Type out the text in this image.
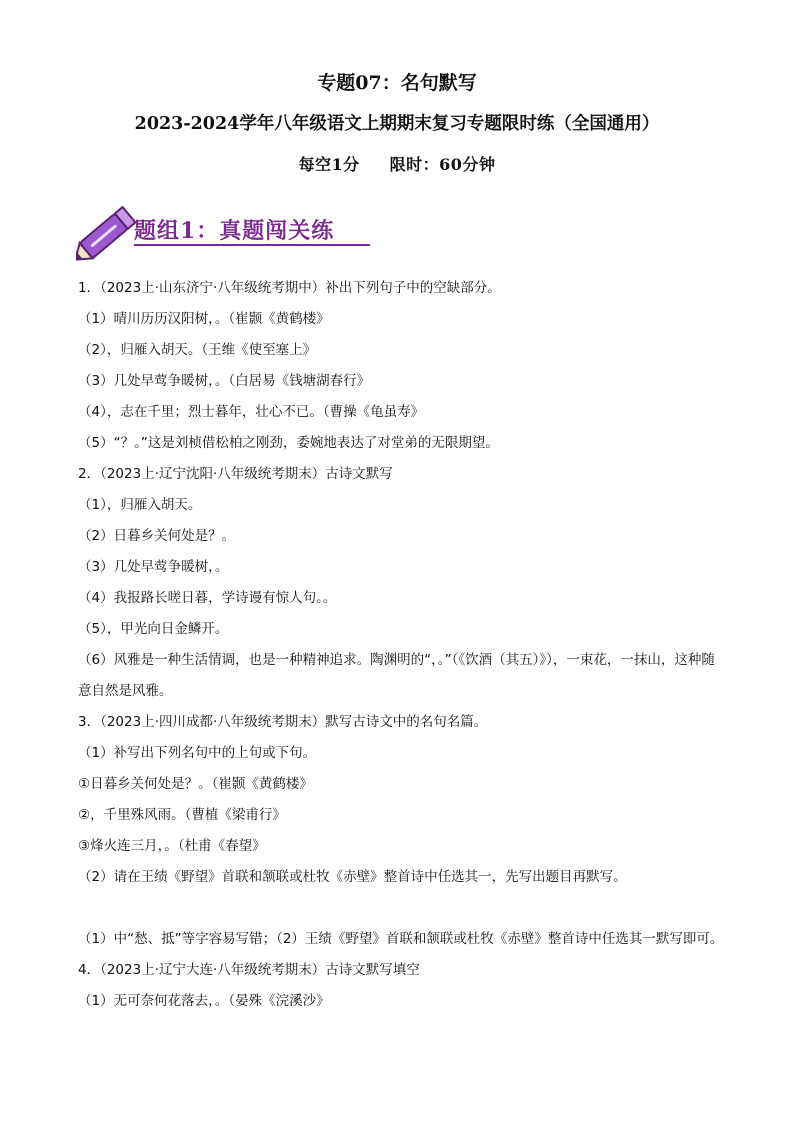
专题07：名句默写
2023-2024学年八年级语文上期期末复习专题限时练（全国通用）
每空1分 限时：60分钟
题组1：真题闯关练
1．（2023上·山东济宁·八年级统考期中）补出下列句子中的空缺部分。
（1）晴川历历汉阳树，。（崔颢《黄鹤楼》
（2），归雁入胡天。（王维《使至塞上》
（3）几处早莺争暖树，。（白居易《钱塘湖春行》
（4），志在千里；烈士暮年，壮心不已。（曹操《龟虽寿》
（5）“？。”这是刘桢借松柏之刚劲，委婉地表达了对堂弟的无限期望。
2．（2023上·辽宁沈阳·八年级统考期末）古诗文默写
（1），归雁入胡天。
（2）日暮乡关何处是？。
（3）几处早莺争暖树，。
（4）我报路长嗟日暮，学诗谩有惊人句。。
（5），甲光向日金鳞开。
（6）风雅是一种生活情调，也是一种精神追求。陶渊明的“，。”（《饮酒（其五）》），一束花，一抹山，这种随意自然是风雅。
3．（2023上·四川成都·八年级统考期末）默写古诗文中的名句名篇。
（1）补写出下列名句中的上句或下句。
①日暮乡关何处是？。（崔颢《黄鹤楼》
②，千里殊风雨。（曹植《梁甫行》
③烽火连三月，。（杜甫《春望》
（2）请在王绩《野望》首联和颔联或杜牧《赤壁》整首诗中任选其一，先写出题目再默写。
（1）中“愁、抵”等字容易写错；（2）王绩《野望》首联和颔联或杜牧《赤壁》整首诗中任选其一默写即可。
4．（2023上·辽宁大连·八年级统考期末）古诗文默写填空
（1）无可奈何花落去，。（晏殊《浣溪沙》
